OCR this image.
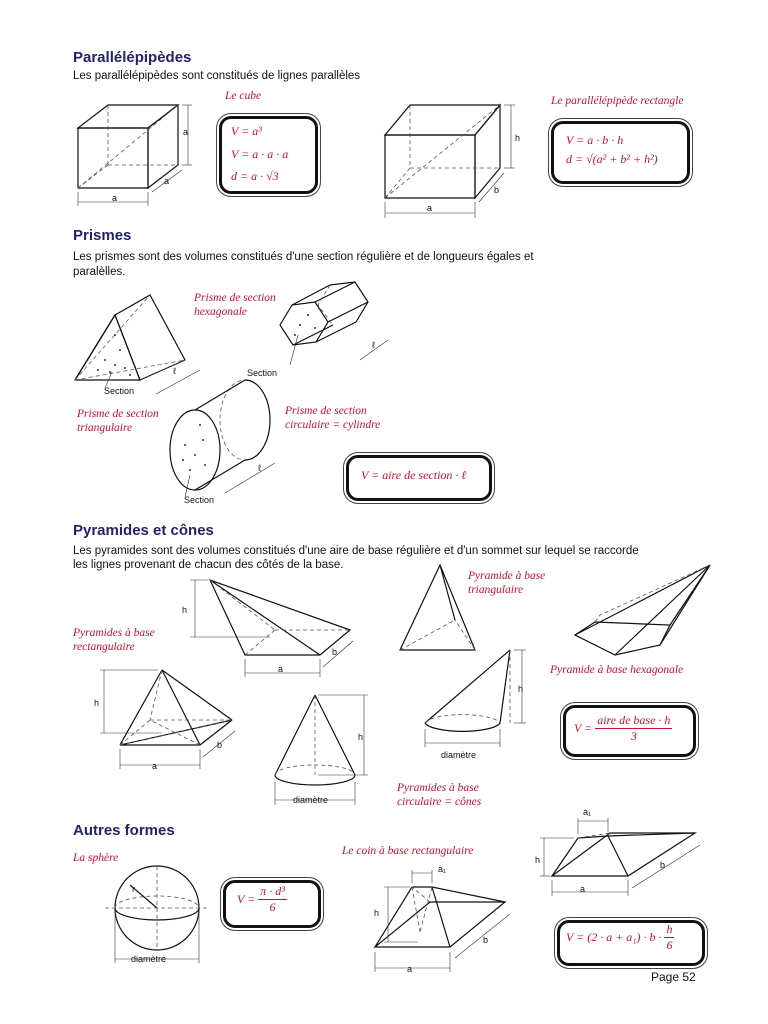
Parallélépipèdes
Les parallélépipèdes sont constitués de lignes parallèles
a
a
a
Le cube
V = a³
V = a · a · a
d = a · √3
a
b
h
Le parallélépipède rectangle
V = a · b · h
d = √(a² + b² + h²)
Prismes
Les prismes sont des volumes constitués d'une section régulière et de longueurs égales et paralèlles.
Section
ℓ
Prisme de section
hexagonale
Section
ℓ
Prisme de section
triangulaire
Section
ℓ
Prisme de section
circulaire = cylindre
V = aire de section · ℓ
Pyramides et cônes
Les pyramides sont des volumes constitués d'une aire de base régulière et d'un sommet sur lequel se raccorde
les lignes provenant de chacun des côtés de la base.
h
a
b
Pyramide à base
triangulaire
Pyramide à base hexagonale
Pyramides à base
rectangulaire
h
a
b
diamètre
h
diamètre
h
$V = \frac{\text{aire de base · h}}{3}$
Pyramides à base
circulaire = cônes
Autres formes
La sphère
r
diamètre
$V = \frac{\text{π · d³}}{6}$
Le coin à base rectangulaire
a₁
a
b
h
a₁
a
b
h
$V = (2 \cdot a + a_1) \cdot b \cdot \frac{h}{6}$
Page 52
